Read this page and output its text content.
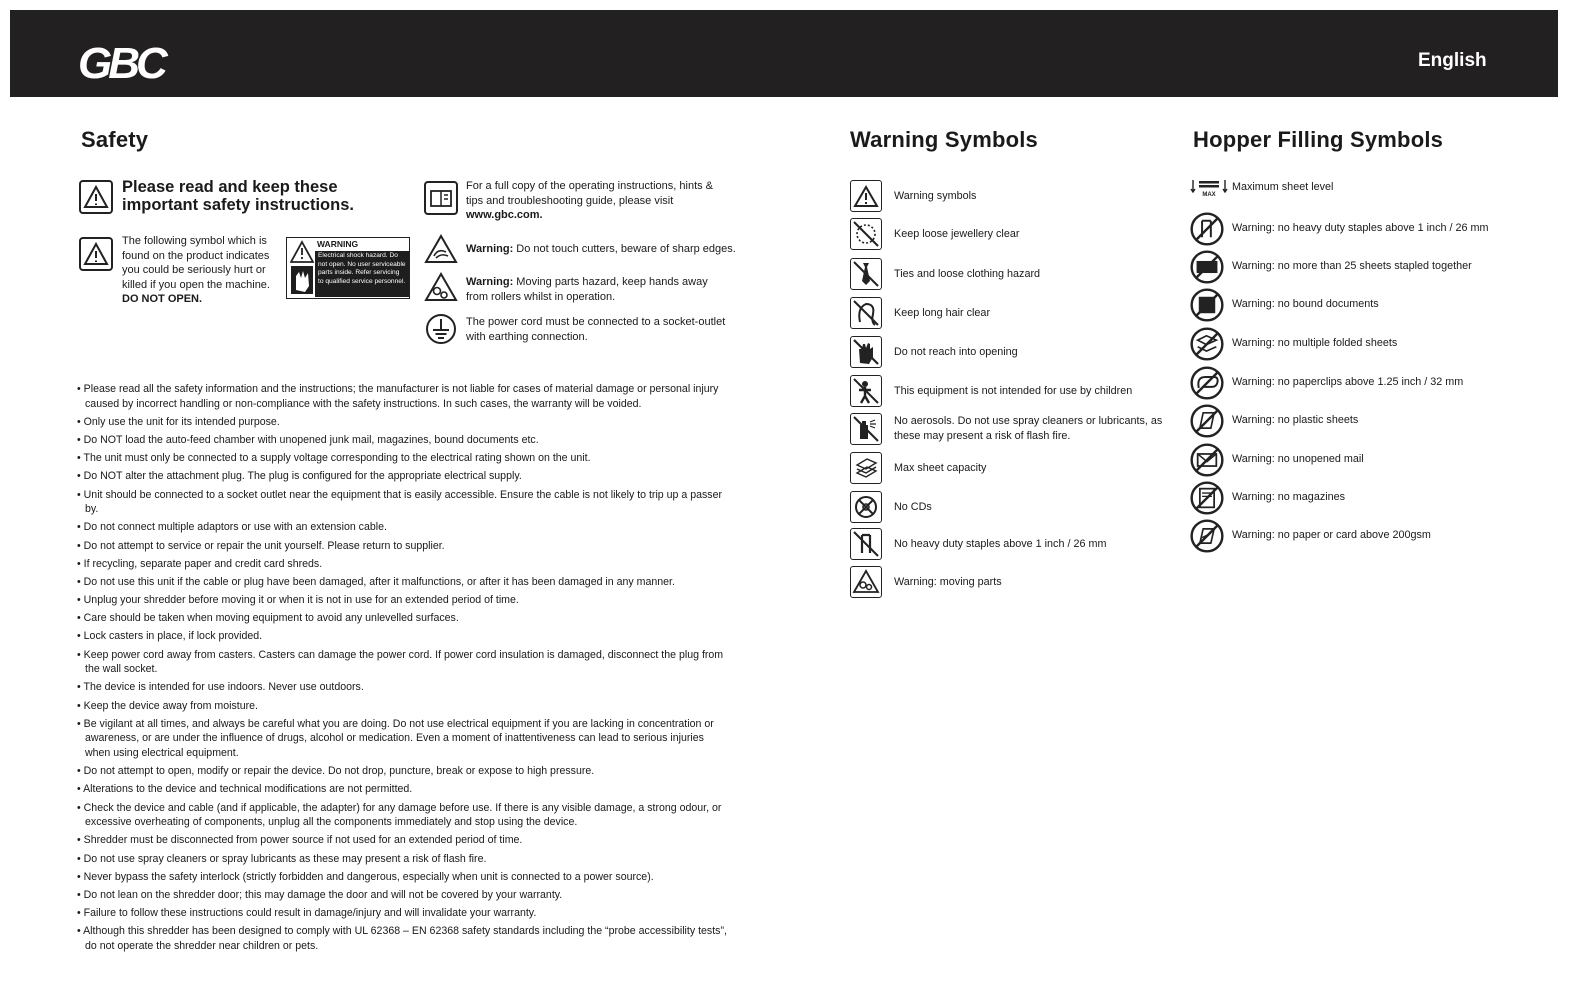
GBC	English
Safety
Please read and keep these important safety instructions.
The following symbol which is found on the product indicates you could be seriously hurt or killed if you open the machine.
DO NOT OPEN.
WARNING
Electrical shock hazard. Do not open. No user serviceable parts inside. Refer servicing to qualified service personnel.
For a full copy of the operating instructions, hints & tips and troubleshooting guide, please visit
www.gbc.com.
Warning: Do not touch cutters, beware of sharp edges.
Warning: Moving parts hazard, keep hands away from rollers whilst in operation.
The power cord must be connected to a socket-outlet with earthing connection.
• Please read all the safety information and the instructions; the manufacturer is not liable for cases of material damage or personal injury caused by incorrect handling or non-compliance with the safety instructions. In such cases, the warranty will be voided.
• Only use the unit for its intended purpose.
• Do NOT load the auto-feed chamber with unopened junk mail, magazines, bound documents etc.
• The unit must only be connected to a supply voltage corresponding to the electrical rating shown on the unit.
• Do NOT alter the attachment plug. The plug is configured for the appropriate electrical supply.
• Unit should be connected to a socket outlet near the equipment that is easily accessible. Ensure the cable is not likely to trip up a passer by.
• Do not connect multiple adaptors or use with an extension cable.
• Do not attempt to service or repair the unit yourself. Please return to supplier.
• If recycling, separate paper and credit card shreds.
• Do not use this unit if the cable or plug have been damaged, after it malfunctions, or after it has been damaged in any manner.
• Unplug your shredder before moving it or when it is not in use for an extended period of time.
• Care should be taken when moving equipment to avoid any unlevelled surfaces.
• Lock casters in place, if lock provided.
• Keep power cord away from casters. Casters can damage the power cord. If power cord insulation is damaged, disconnect the plug from the wall socket.
• The device is intended for use indoors. Never use outdoors.
• Keep the device away from moisture.
• Be vigilant at all times, and always be careful what you are doing. Do not use electrical equipment if you are lacking in concentration or awareness, or are under the influence of drugs, alcohol or medication. Even a moment of inattentiveness can lead to serious injuries when using electrical equipment.
• Do not attempt to open, modify or repair the device. Do not drop, puncture, break or expose to high pressure.
• Alterations to the device and technical modifications are not permitted.
• Check the device and cable (and if applicable, the adapter) for any damage before use. If there is any visible damage, a strong odour, or excessive overheating of components, unplug all the components immediately and stop using the device.
• Shredder must be disconnected from power source if not used for an extended period of time.
• Do not use spray cleaners or spray lubricants as these may present a risk of flash fire.
• Never bypass the safety interlock (strictly forbidden and dangerous, especially when unit is connected to a power source).
• Do not lean on the shredder door; this may damage the door and will not be covered by your warranty.
• Failure to follow these instructions could result in damage/injury and will invalidate your warranty.
• Although this shredder has been designed to comply with UL 62368 – EN 62368 safety standards including the “probe accessibility tests”, do not operate the shredder near children or pets.
Warning Symbols
Warning symbols
Keep loose jewellery clear
Ties and loose clothing hazard
Keep long hair clear
Do not reach into opening
This equipment is not intended for use by children
No aerosols. Do not use spray cleaners or lubricants, as these may present a risk of flash fire.
Max sheet capacity
No CDs
No heavy duty staples above 1 inch / 26 mm
Warning: moving parts
Hopper Filling Symbols
MAX
Maximum sheet level
Warning: no heavy duty staples above 1 inch / 26 mm
Warning: no more than 25 sheets stapled together
Warning: no bound documents
Warning: no multiple folded sheets
Warning: no paperclips above 1.25 inch / 32 mm
Warning: no plastic sheets
Warning: no unopened mail
Warning: no magazines
Warning: no paper or card above 200gsm
